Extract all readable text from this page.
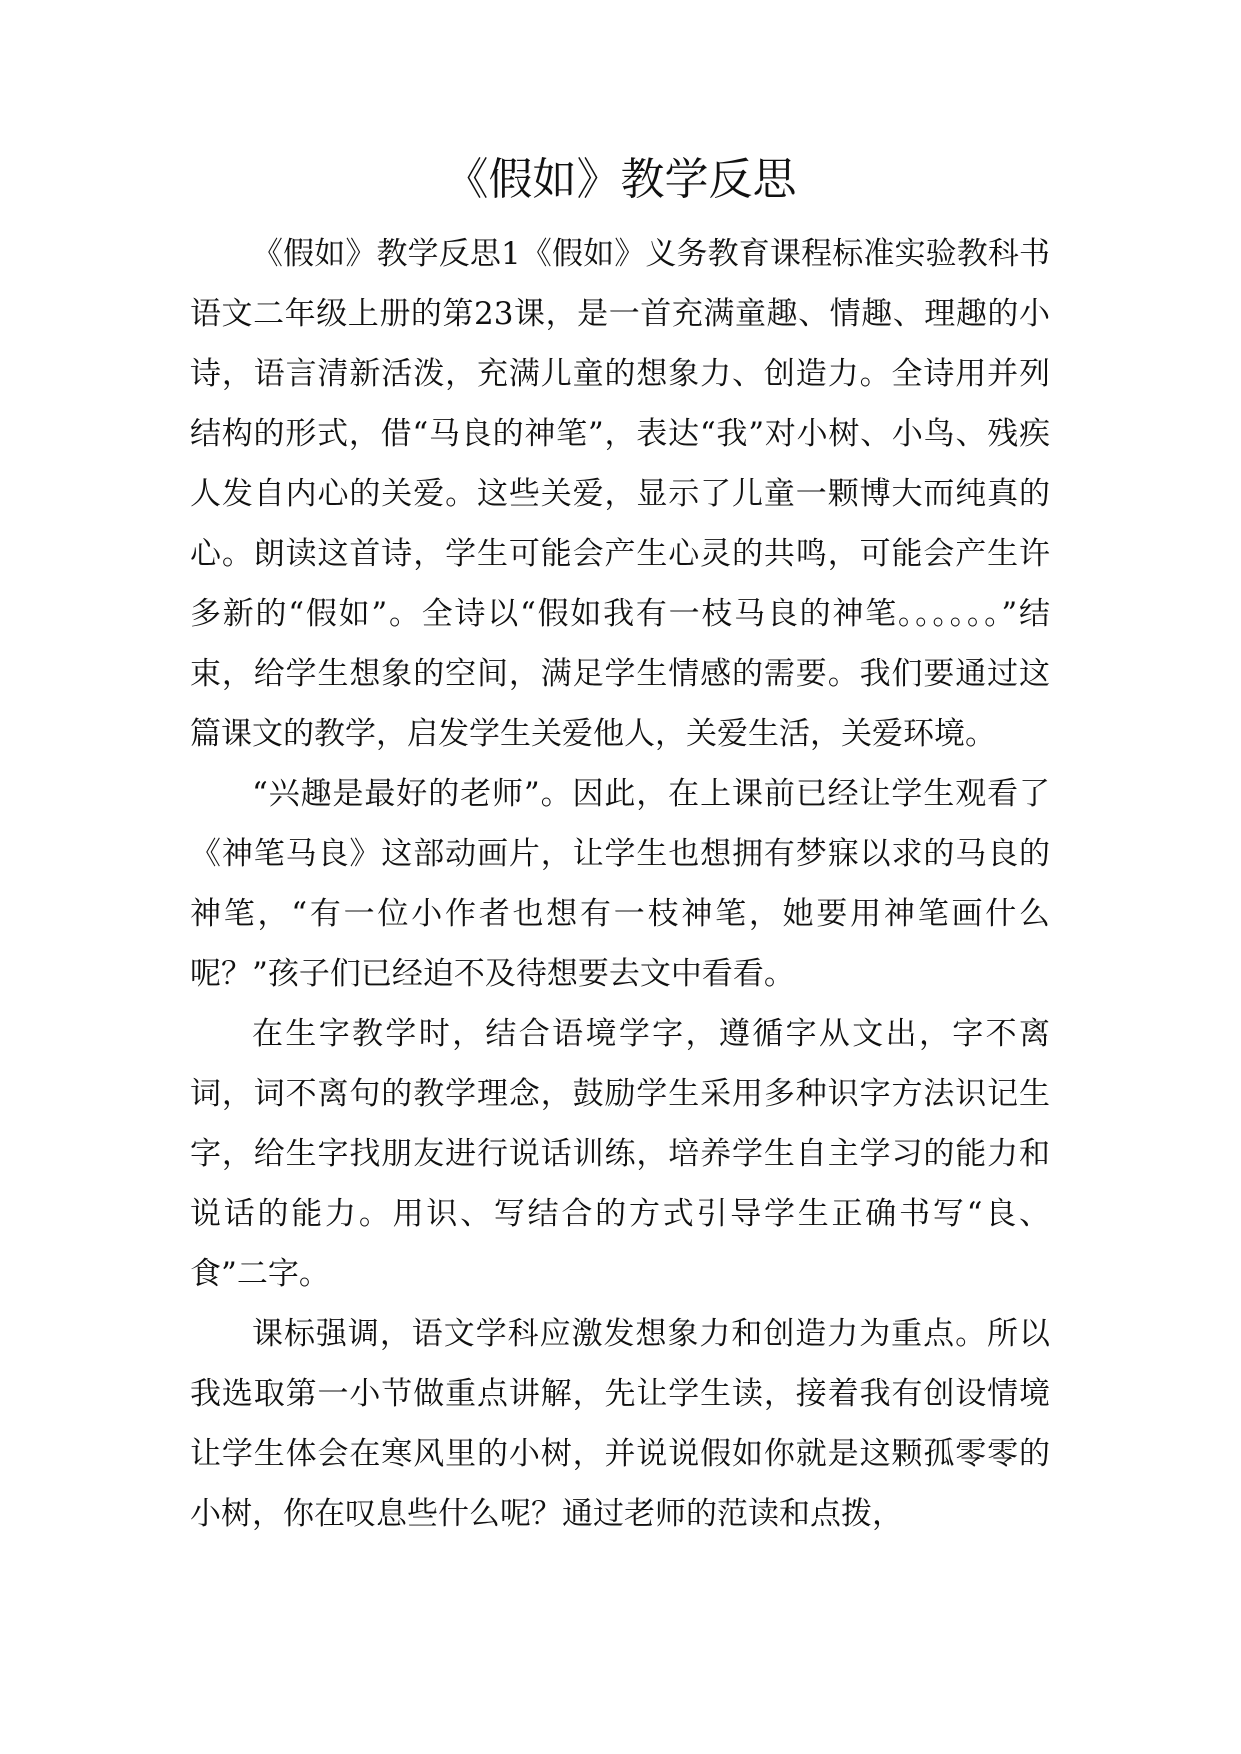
《假如》教学反思

《假如》教学反思1《假如》义务教育课程标准实验教科书语文二年级上册的第23课，是一首充满童趣、情趣、理趣的小诗，语言清新活泼，充满儿童的想象力、创造力。全诗用并列结构的形式，借“马良的神笔”，表达“我”对小树、小鸟、残疾人发自内心的关爱。这些关爱，显示了儿童一颗博大而纯真的心。朗读这首诗，学生可能会产生心灵的共鸣，可能会产生许多新的“假如”。全诗以“假如我有一枝马良的神笔。。。。。。”结束，给学生想象的空间，满足学生情感的需要。我们要通过这篇课文的教学，启发学生关爱他人，关爱生活，关爱环境。

“兴趣是最好的老师”。因此，在上课前已经让学生观看了《神笔马良》这部动画片，让学生也想拥有梦寐以求的马良的神笔，“有一位小作者也想有一枝神笔，她要用神笔画什么呢？”孩子们已经迫不及待想要去文中看看。

在生字教学时，结合语境学字，遵循字从文出，字不离词，词不离句的教学理念，鼓励学生采用多种识字方法识记生字，给生字找朋友进行说话训练，培养学生自主学习的能力和说话的能力。用识、写结合的方式引导学生正确书写“良、食”二字。

课标强调，语文学科应激发想象力和创造力为重点。所以我选取第一小节做重点讲解，先让学生读，接着我有创设情境让学生体会在寒风里的小树，并说说假如你就是这颗孤零零的小树，你在叹息些什么呢？通过老师的范读和点拨，
